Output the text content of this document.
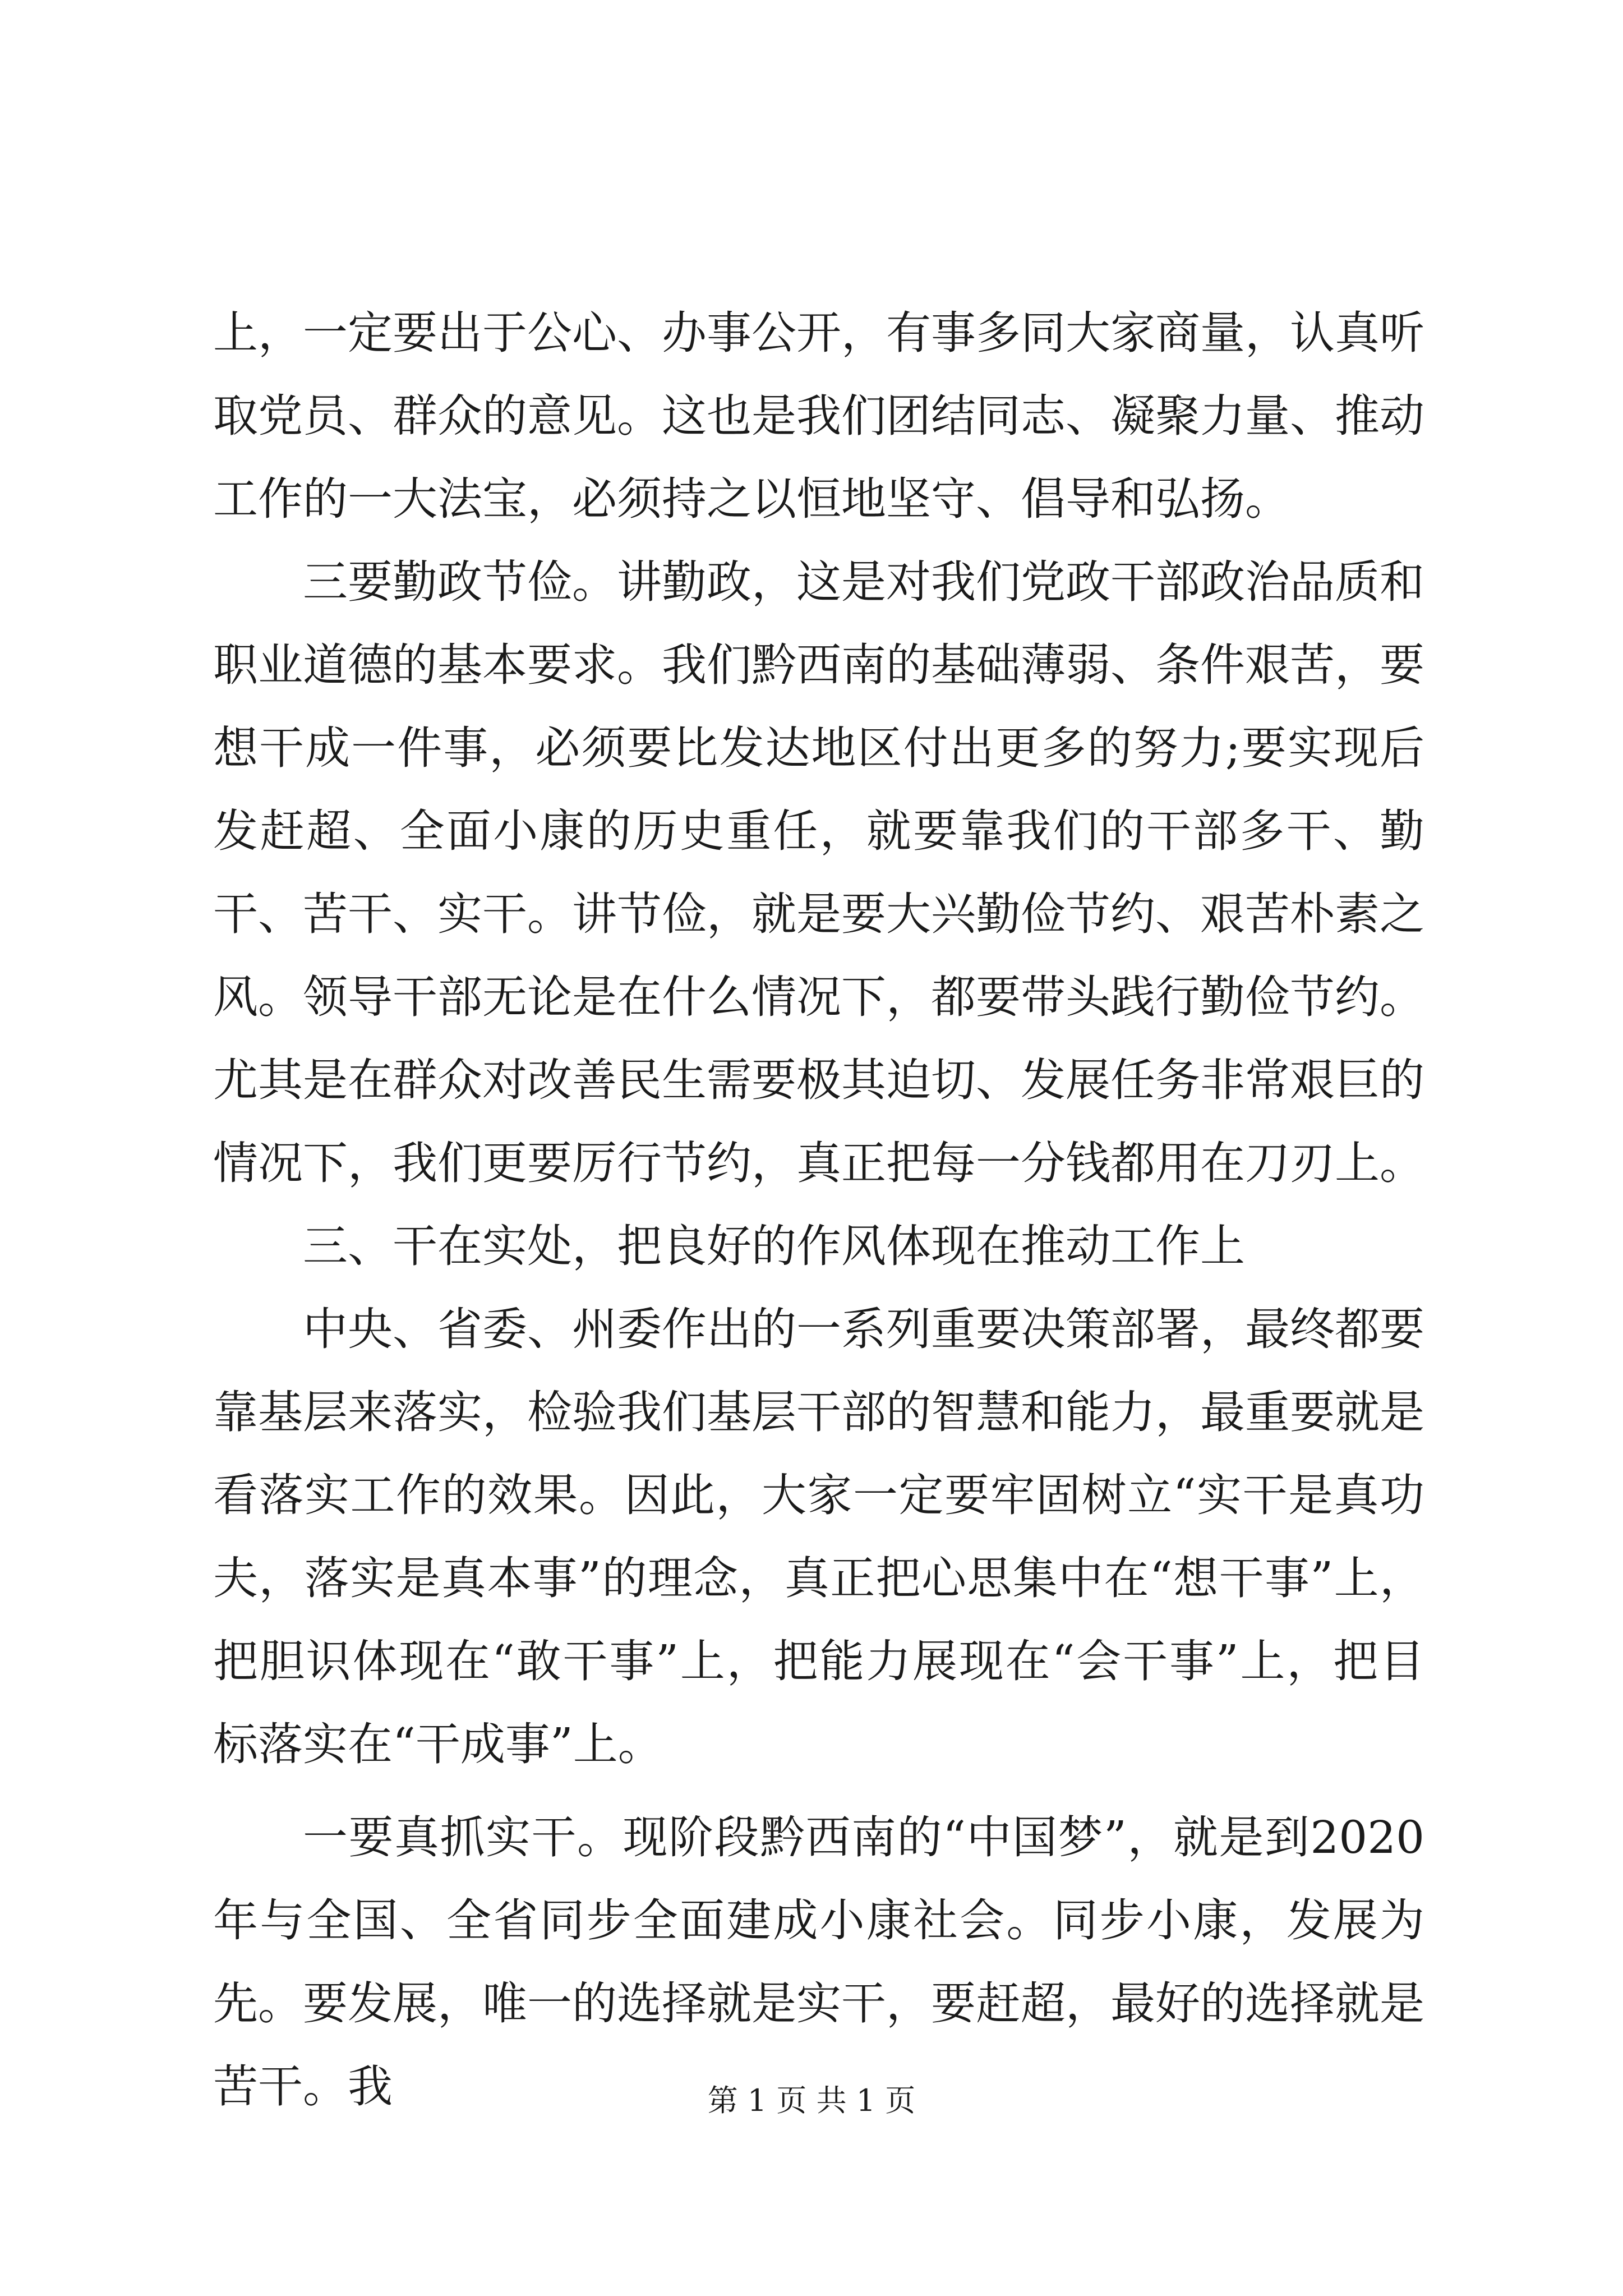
上，一定要出于公心、办事公开，有事多同大家商量，认真听取党员、群众的意见。这也是我们团结同志、凝聚力量、推动工作的一大法宝，必须持之以恒地坚守、倡导和弘扬。

三要勤政节俭。讲勤政，这是对我们党政干部政治品质和职业道德的基本要求。我们黔西南的基础薄弱、条件艰苦，要想干成一件事，必须要比发达地区付出更多的努力;要实现后发赶超、全面小康的历史重任，就要靠我们的干部多干、勤干、苦干、实干。讲节俭，就是要大兴勤俭节约、艰苦朴素之风。领导干部无论是在什么情况下，都要带头践行勤俭节约。尤其是在群众对改善民生需要极其迫切、发展任务非常艰巨的情况下，我们更要厉行节约，真正把每一分钱都用在刀刃上。

三、干在实处，把良好的作风体现在推动工作上

中央、省委、州委作出的一系列重要决策部署，最终都要靠基层来落实，检验我们基层干部的智慧和能力，最重要就是看落实工作的效果。因此，大家一定要牢固树立“实干是真功夫，落实是真本事”的理念，真正把心思集中在“想干事”上，把胆识体现在“敢干事”上，把能力展现在“会干事”上，把目标落实在“干成事”上。

一要真抓实干。现阶段黔西南的“中国梦”，就是到2020年与全国、全省同步全面建成小康社会。同步小康，发展为先。要发展，唯一的选择就是实干，要赶超，最好的选择就是苦干。我	第 1 页 共 1 页
